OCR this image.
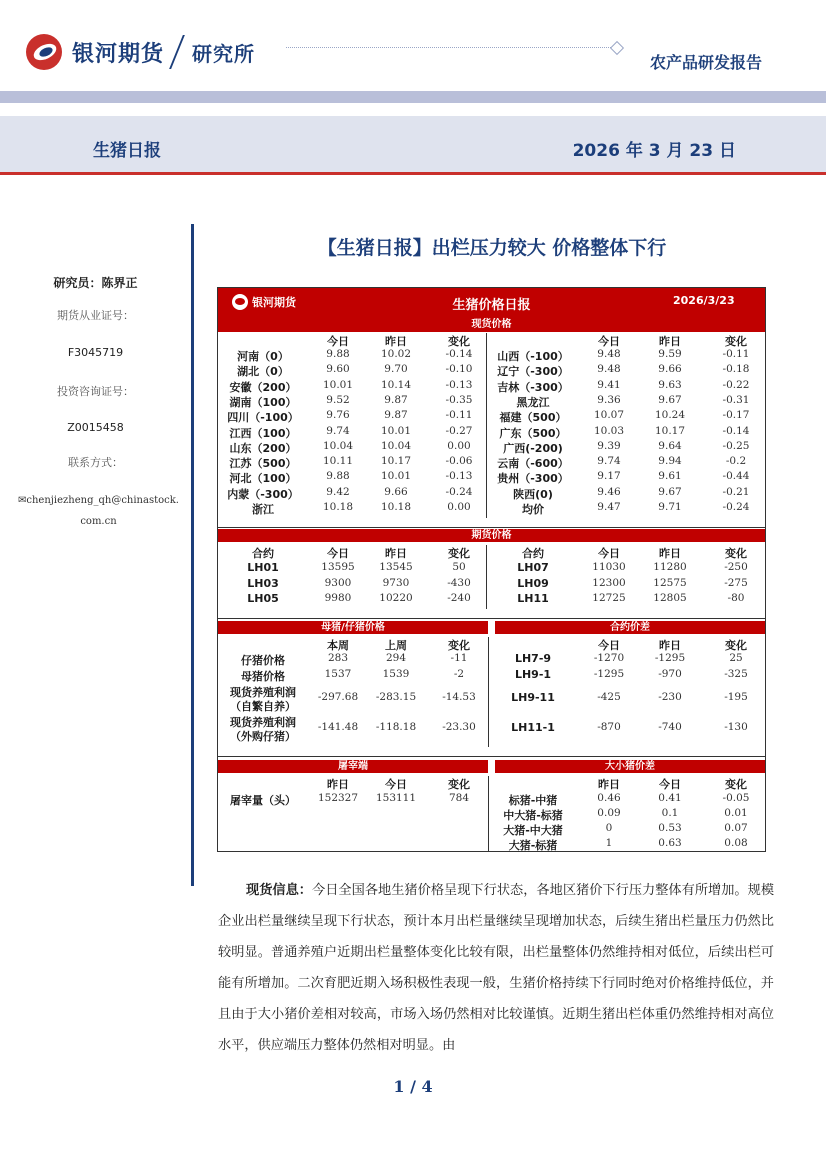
银河期货 研究所	农产品研发报告
生猪日报	2026 年 3 月 23 日
研究员：陈界正
期货从业证号：
F3045719
投资咨询证号：
Z0015458
联系方式：
✉chenjiezheng_qh@chinastock.com.cn
【生猪日报】出栏压力较大 价格整体下行
银河期货	生猪价格日报	2026/3/23
现货价格
今日	今日
昨日	昨日
变化	变化
河南（0）	9.88	10.02	-0.14
湖北（0）	9.60	9.70	-0.10
安徽（200）	10.01	10.14	-0.13
湖南（100）	9.52	9.87	-0.35
四川（-100）	9.76	9.87	-0.11
江西（100）	9.74	10.01	-0.27
山东（200）	10.04	10.04	0.00
江苏（500）	10.11	10.17	-0.06
河北（100）	9.88	10.01	-0.13
内蒙（-300）	9.42	9.66	-0.24
浙江	10.18	10.18	0.00
山西（-100）	9.48	9.59	-0.11
辽宁（-300）	9.48	9.66	-0.18
吉林（-300）	9.41	9.63	-0.22
黑龙江	9.36	9.67	-0.31
福建（500）	10.07	10.24	-0.17
广东（500）	10.03	10.17	-0.14
广西(-200)	9.39	9.64	-0.25
云南（-600）	9.74	9.94	-0.2
贵州（-300）	9.17	9.61	-0.44
陕西(0)	9.46	9.67	-0.21
均价	9.47	9.71	-0.24
期货价格
合约	合约
今日	今日
昨日	昨日
变化	变化
LH01	13595	13545	50
LH03	9300	9730	-430
LH05	9980	10220	-240
LH07	11030	11280	-250
LH09	12300	12575	-275
LH11	12725	12805	-80
母猪/仔猪价格	合约价差
本周	上周	变化
仔猪价格	283	294	-11
母猪价格	1537	1539	-2
现货养殖利润
（自繁自养）
-297.68	-283.15	-14.53
现货养殖利润
（外购仔猪）
-141.48	-118.18	-23.30
今日	昨日	变化
LH7-9	-1270	-1295	25
LH9-1	-1295	-970	-325
LH9-11	-425	-230	-195
LH11-1	-870	-740	-130
屠宰端	大小猪价差
昨日	今日	变化
屠宰量（头）	152327	153111	784
昨日	今日	变化
标猪-中猪	0.46	0.41	-0.05
中大猪-标猪	0.09	0.1	0.01
大猪-中大猪	0	0.53	0.07
大猪-标猪	1	0.63	0.08
现货信息：今日全国各地生猪价格呈现下行状态，各地区猪价下行压力整体有所增加。规模企业出栏量继续呈现下行状态，预计本月出栏量继续呈现增加状态，后续生猪出栏量压力仍然比较明显。普通养殖户近期出栏量整体变化比较有限，出栏量整体仍然维持相对低位，后续出栏可能有所增加。二次育肥近期入场积极性表现一般，生猪价格持续下行同时绝对价格维持低位，并且由于大小猪价差相对较高，市场入场仍然相对比较谨慎。近期生猪出栏体重仍然维持相对高位水平，供应端压力整体仍然相对明显。由
1 / 4
